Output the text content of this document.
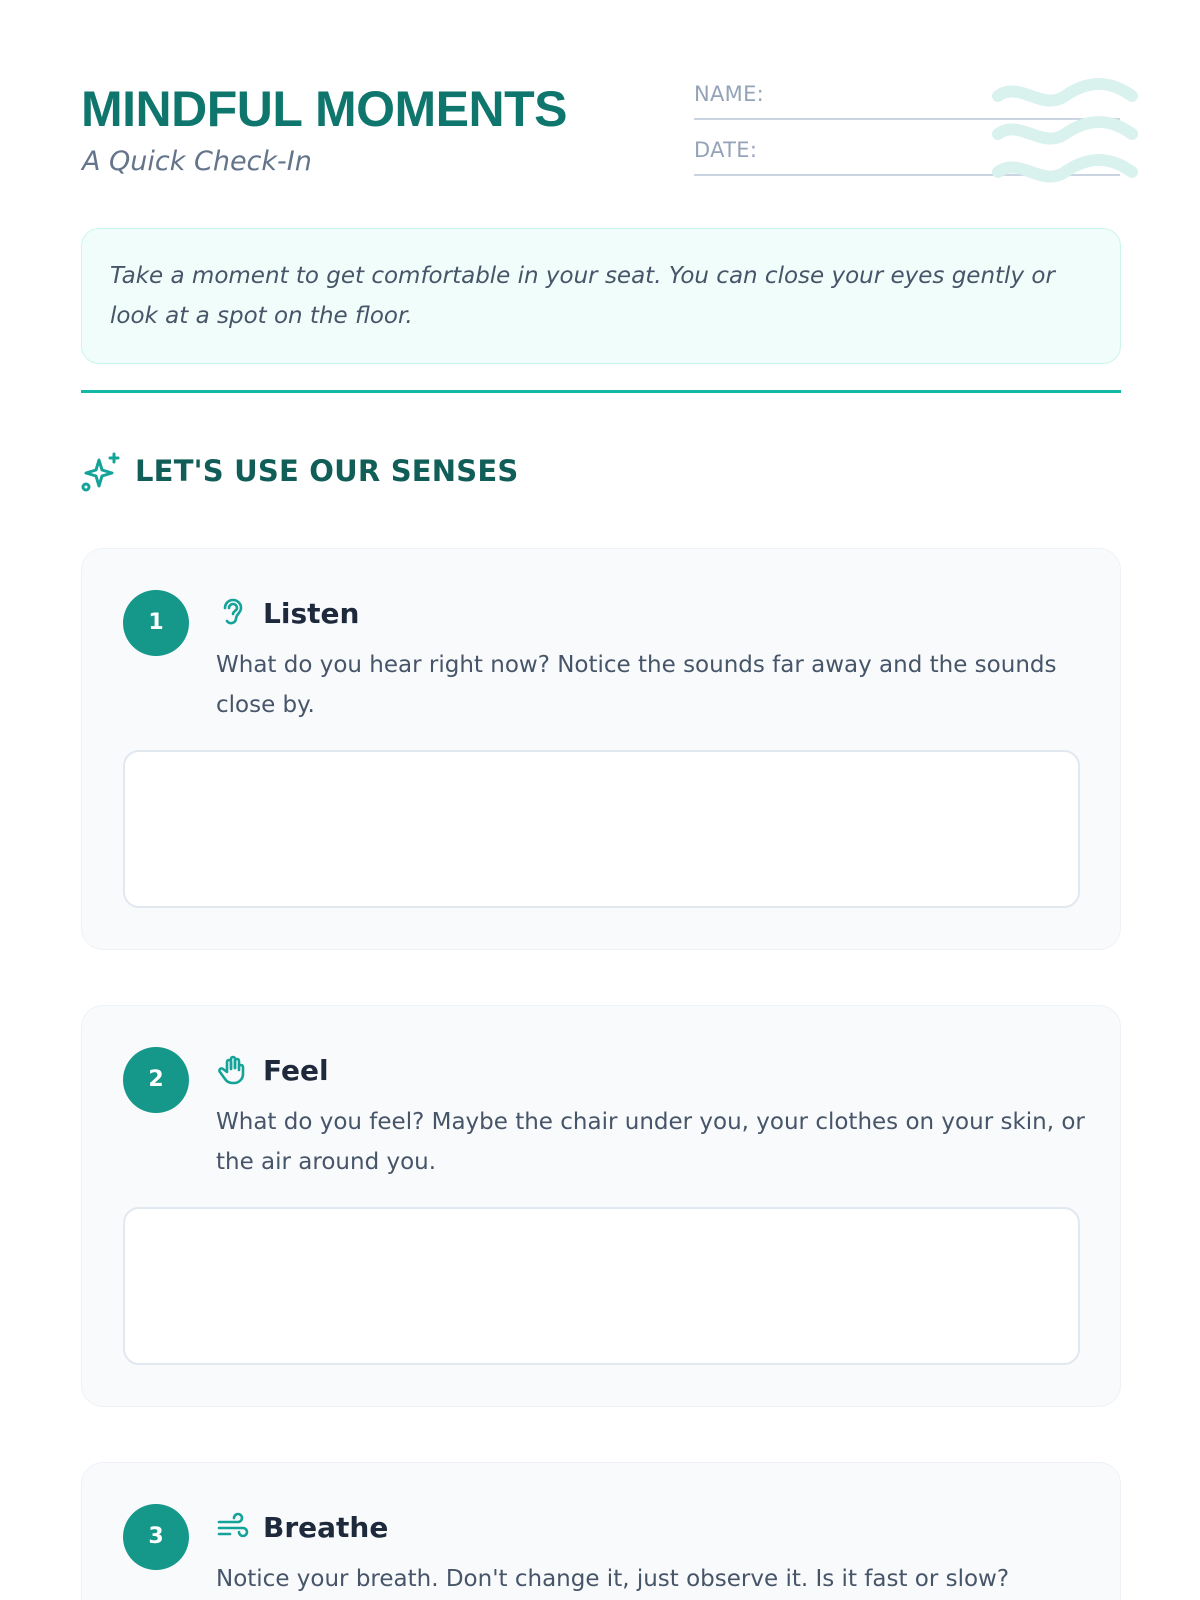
MINDFUL MOMENTS
A Quick Check-In
NAME:
DATE:
Take a moment to get comfortable in your seat. You can close your eyes gently or look at a spot on the floor.
LET'S USE OUR SENSES
1	Listen
What do you hear right now? Notice the sounds far away and the sounds close by.
2	Feel
What do you feel? Maybe the chair under you, your clothes on your skin, or the air around you.
3	Breathe
Notice your breath. Don't change it, just observe it. Is it fast or slow?
